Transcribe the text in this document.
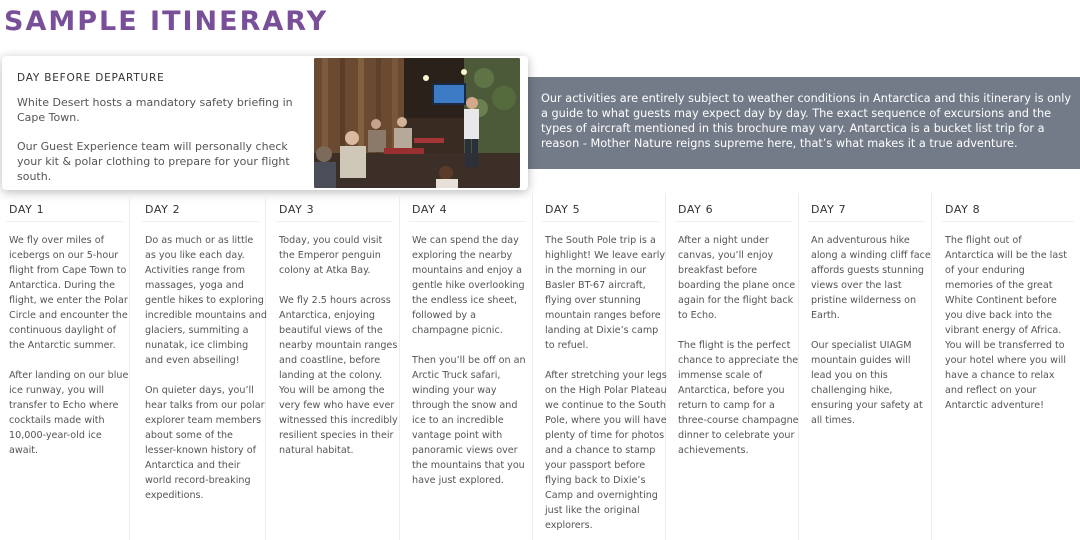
SAMPLE ITINERARY
Our activities are entirely subject to weather conditions in Antarctica and this itinerary is only a guide to what guests may expect day by day. The exact sequence of excursions and the types of aircraft mentioned in this brochure may vary. Antarctica is a bucket list trip for a reason - Mother Nature reigns supreme here, that’s what makes it a true adventure.
DAY BEFORE DEPARTURE

White Desert hosts a mandatory safety briefing in Cape Town.

Our Guest Experience team will personally check your kit & polar clothing to prepare for your flight south.

DAY 1

We fly over miles of icebergs on our 5-hour flight from Cape Town to Antarctica. During the flight, we enter the Polar Circle and encounter the continuous daylight of the Antarctic summer.

After landing on our blue ice runway, you will transfer to Echo where cocktails made with 10,000-year-old ice await.

DAY 2

Do as much or as little as you like each day. Activities range from massages, yoga and gentle hikes to exploring incredible mountains and glaciers, summiting a nunatak, ice climbing and even abseiling!

On quieter days, you’ll hear talks from our polar explorer team members about some of the lesser-known history of Antarctica and their world record-breaking expeditions.

DAY 3

Today, you could visit the Emperor penguin colony at Atka Bay.

We fly 2.5 hours across Antarctica, enjoying beautiful views of the nearby mountain ranges and coastline, before landing at the colony. You will be among the very few who have ever witnessed this incredibly resilient species in their natural habitat.

DAY 4

We can spend the day exploring the nearby mountains and enjoy a gentle hike overlooking the endless ice sheet, followed by a champagne picnic.

Then you’ll be off on an Arctic Truck safari, winding your way through the snow and ice to an incredible vantage point with panoramic views over the mountains that you have just explored.

DAY 5

The South Pole trip is a highlight! We leave early in the morning in our Basler BT-67 aircraft, flying over stunning mountain ranges before landing at Dixie’s camp to refuel.

After stretching your legs on the High Polar Plateau we continue to the South Pole, where you will have plenty of time for photos and a chance to stamp your passport before flying back to Dixie’s Camp and overnighting just like the original explorers.

DAY 6

After a night under canvas, you’ll enjoy breakfast before boarding the plane once again for the flight back to Echo.

The flight is the perfect chance to appreciate the immense scale of Antarctica, before you return to camp for a three-course champagne dinner to celebrate your achievements.

DAY 7

An adventurous hike along a winding cliff face affords guests stunning views over the last pristine wilderness on Earth.

Our specialist UIAGM mountain guides will lead you on this challenging hike, ensuring your safety at all times.

DAY 8

The flight out of Antarctica will be the last of your enduring memories of the great White Continent before you dive back into the vibrant energy of Africa. You will be transferred to your hotel where you will have a chance to relax and reflect on your Antarctic adventure!
